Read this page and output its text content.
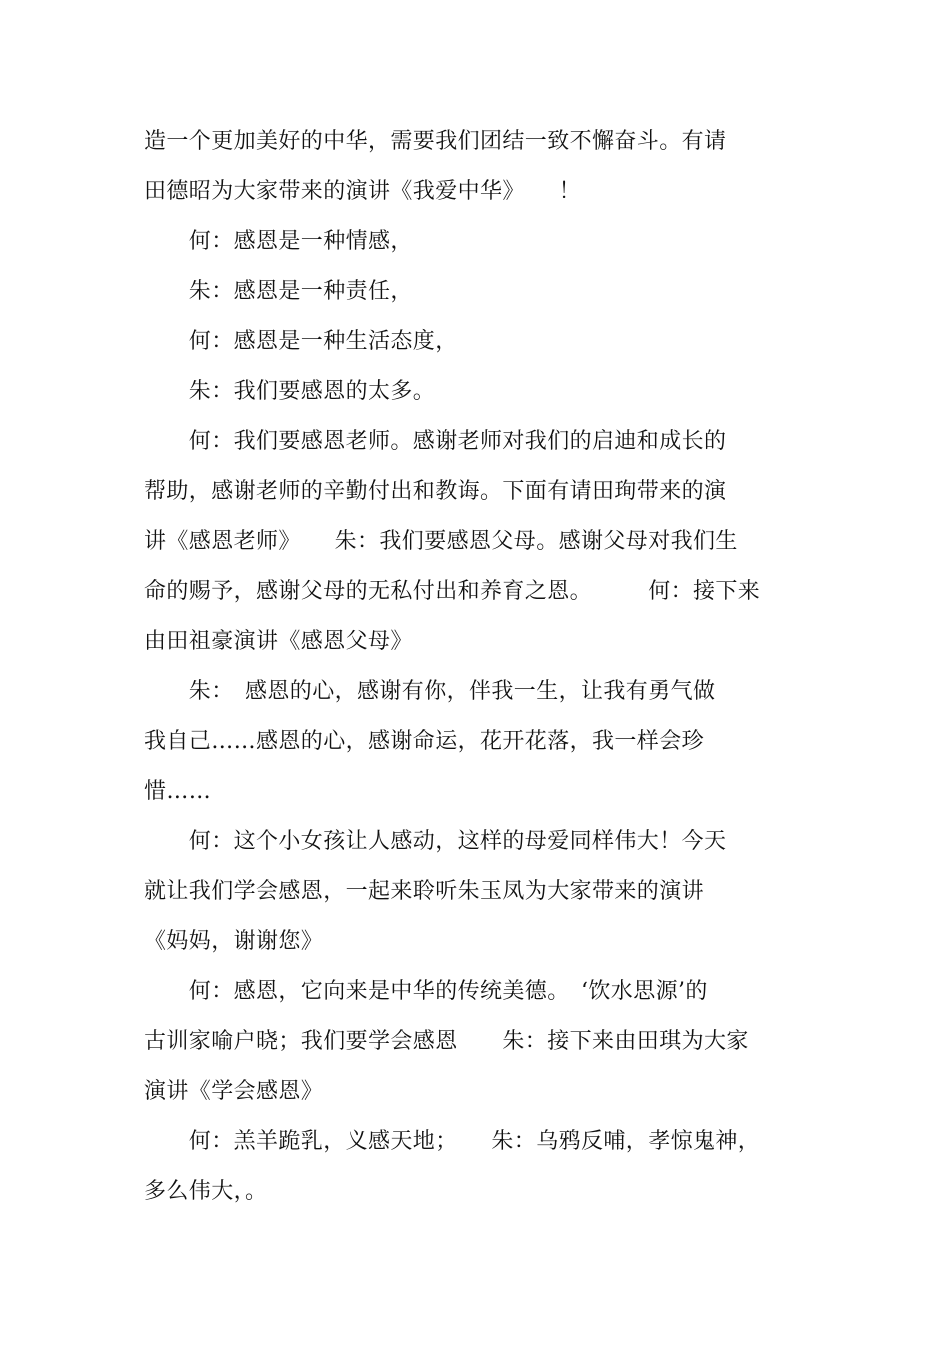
造一个更加美好的中华，需要我们团结一致不懈奋斗。有请
田德昭为大家带来的演讲《我爱中华》　　！
　　何：感恩是一种情感，
　　朱：感恩是一种责任，
　　何：感恩是一种生活态度，
　　朱：我们要感恩的太多。
　　何：我们要感恩老师。感谢老师对我们的启迪和成长的
帮助，感谢老师的辛勤付出和教诲。下面有请田珣带来的演
讲《感恩老师》　　朱：我们要感恩父母。感谢父母对我们生
命的赐予，感谢父母的无私付出和养育之恩。　　　何：接下来
由田祖豪演讲《感恩父母》
　　朱：　感恩的心，感谢有你，伴我一生，让我有勇气做
我自己……感恩的心，感谢命运，花开花落，我一样会珍
惜……
　　何：这个小女孩让人感动，这样的母爱同样伟大！今天
就让我们学会感恩，一起来聆听朱玉凤为大家带来的演讲
《妈妈，谢谢您》
　　何：感恩，它向来是中华的传统美德。　‘饮水思源’的
古训家喻户晓；我们要学会感恩　　朱：接下来由田琪为大家
演讲《学会感恩》
　　何：羔羊跪乳，义感天地；　　朱：乌鸦反哺，孝惊鬼神，
多么伟大，。
